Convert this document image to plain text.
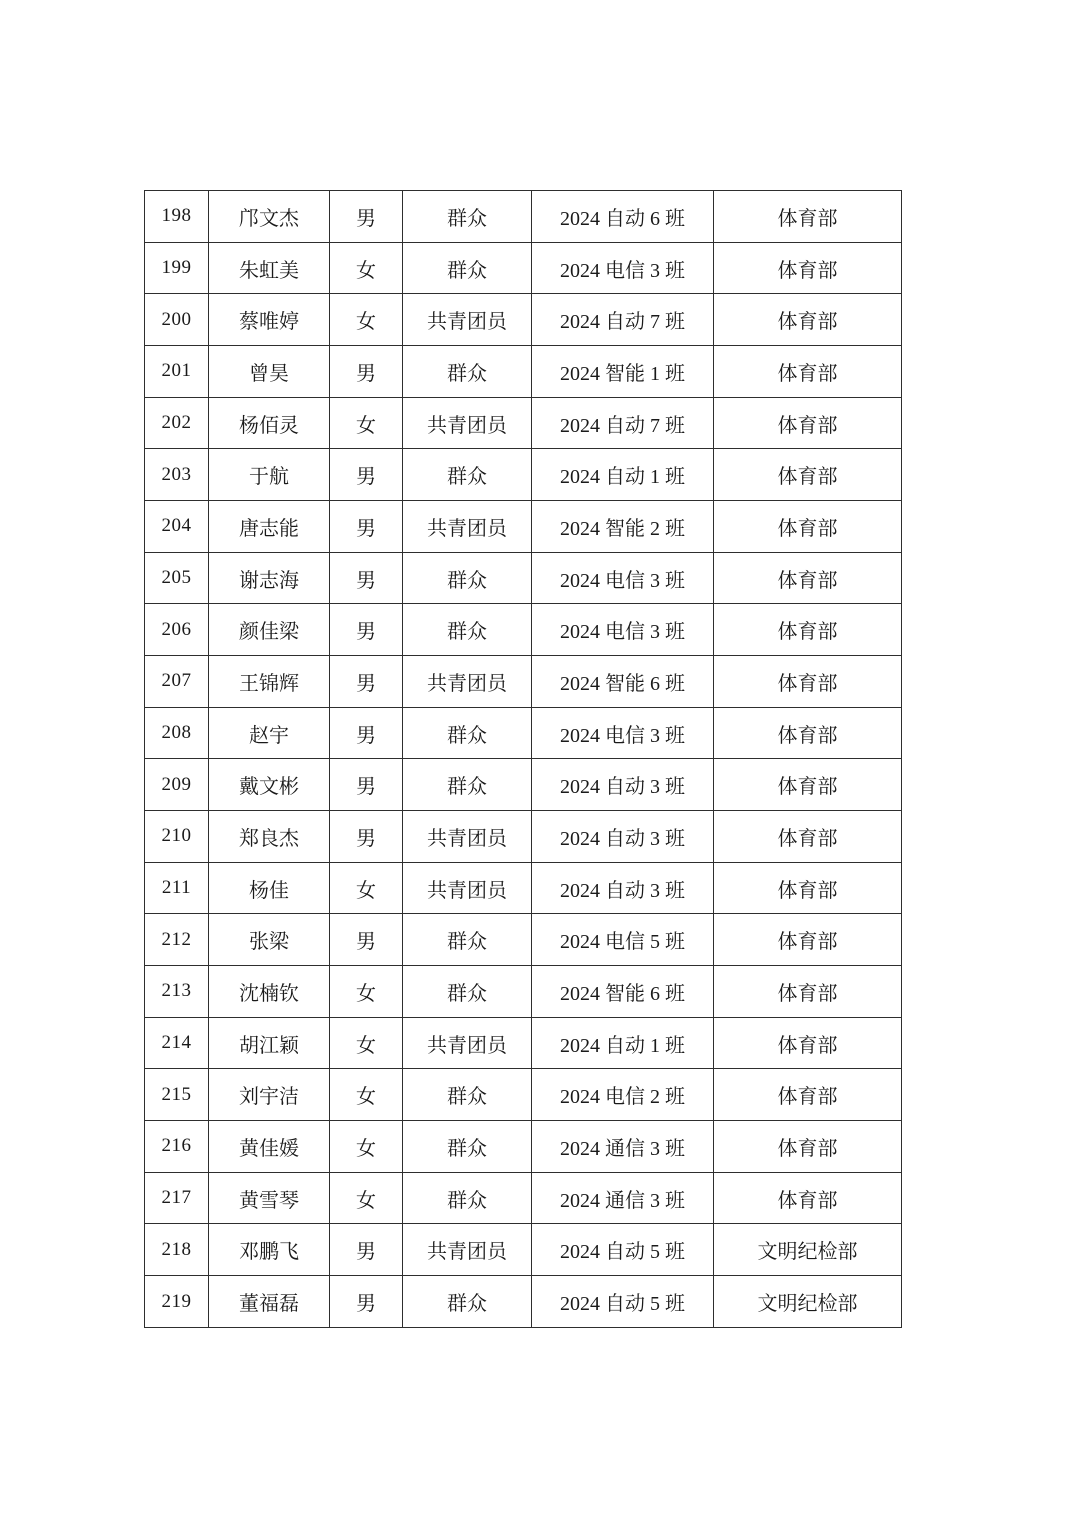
198	邝文杰	男	群众	2024 自动 6 班	体育部
199	朱虹美	女	群众	2024 电信 3 班	体育部
200	蔡唯婷	女	共青团员	2024 自动 7 班	体育部
201	曾昊	男	群众	2024 智能 1 班	体育部
202	杨佰灵	女	共青团员	2024 自动 7 班	体育部
203	于航	男	群众	2024 自动 1 班	体育部
204	唐志能	男	共青团员	2024 智能 2 班	体育部
205	谢志海	男	群众	2024 电信 3 班	体育部
206	颜佳梁	男	群众	2024 电信 3 班	体育部
207	王锦辉	男	共青团员	2024 智能 6 班	体育部
208	赵宇	男	群众	2024 电信 3 班	体育部
209	戴文彬	男	群众	2024 自动 3 班	体育部
210	郑良杰	男	共青团员	2024 自动 3 班	体育部
211	杨佳	女	共青团员	2024 自动 3 班	体育部
212	张梁	男	群众	2024 电信 5 班	体育部
213	沈楠钦	女	群众	2024 智能 6 班	体育部
214	胡江颖	女	共青团员	2024 自动 1 班	体育部
215	刘宇洁	女	群众	2024 电信 2 班	体育部
216	黄佳媛	女	群众	2024 通信 3 班	体育部
217	黄雪琴	女	群众	2024 通信 3 班	体育部
218	邓鹏飞	男	共青团员	2024 自动 5 班	文明纪检部
219	董福磊	男	群众	2024 自动 5 班	文明纪检部
